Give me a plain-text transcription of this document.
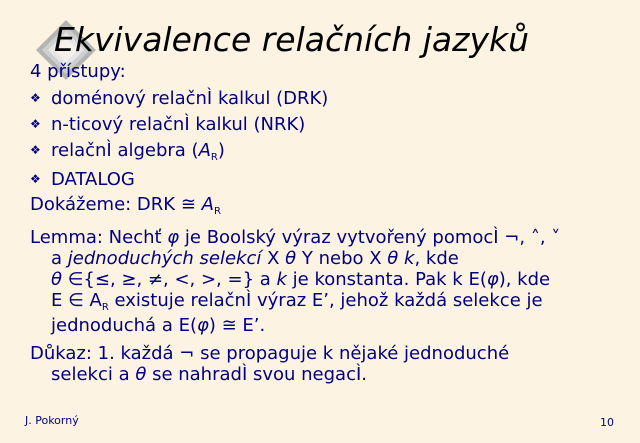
Ekvivalence relačních jazyků
4 přístupy:
❖ doménový relačnÌ kalkul (DRK)
❖ n-ticový relačnÌ kalkul (NRK)
❖ relačnÌ algebra $(A_R)$
❖ DATALOG
Dokážeme: DRK ≅ $A_R$
Lemma: Nechť φ je Boolský výraz vytvořený pomocÌ ¬, ˄, ˅
a jednoduchých selekcí X θ Y nebo X θ k, kde
θ ∈{≤, ≥, ≠, <, >, =} a k je konstanta. Pak k E(φ), kde
E ∈ $A_R$ existuje relačnÌ výraz E’, jehož každá selekce je
jednoduchá a E(φ) ≅ E’.
Důkaz: 1. každá ¬ se propaguje k nějaké jednoduché
selekci a θ se nahradÌ svou negacÌ.
J. Pokorný	10
